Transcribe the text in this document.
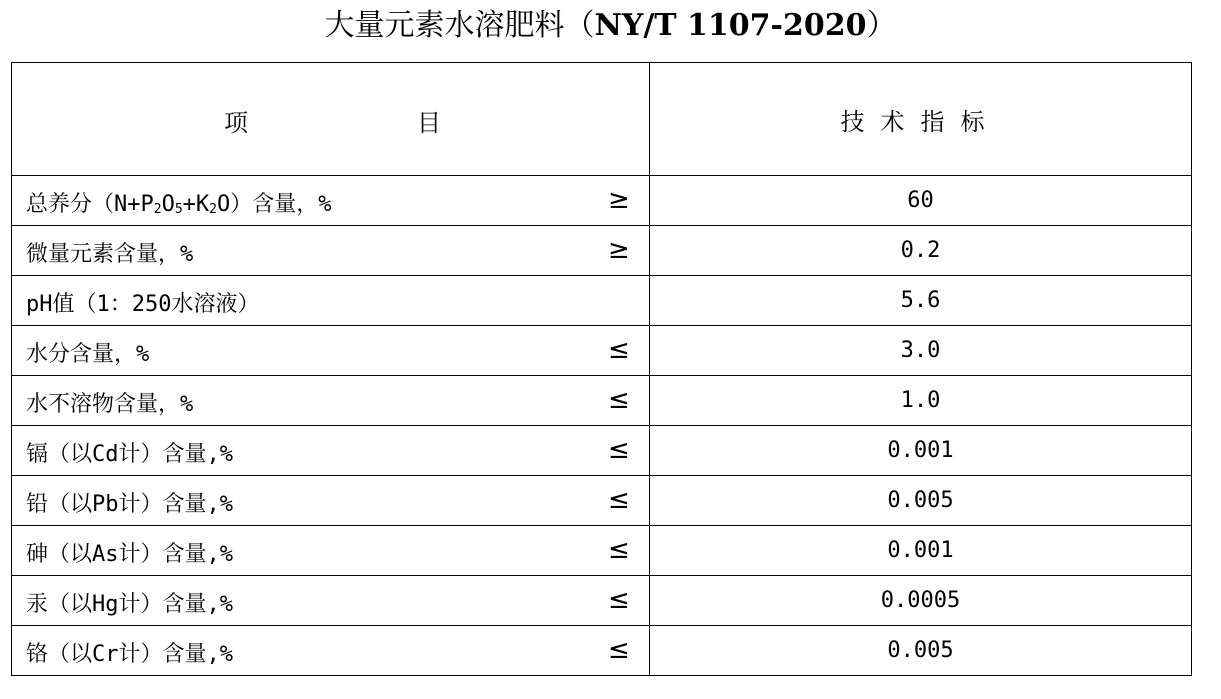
大量元素水溶肥料（NY/T 1107-2020）
项 目	技术指标

总养分$(N+P_2O_5+K_2O)$含量，% ≥	60

微量元素含量，% ≥	0.2

pH值（1：250水溶液）	5.6

水分含量，% ≤	3.0

水不溶物含量，% ≤	1.0

镉（以Cd计）含量,% ≤	0.001

铅（以Pb计）含量,% ≤	0.005

砷（以As计）含量,% ≤	0.001

汞（以Hg计）含量,% ≤	0.0005

铬（以Cr计）含量,% ≤	0.005
